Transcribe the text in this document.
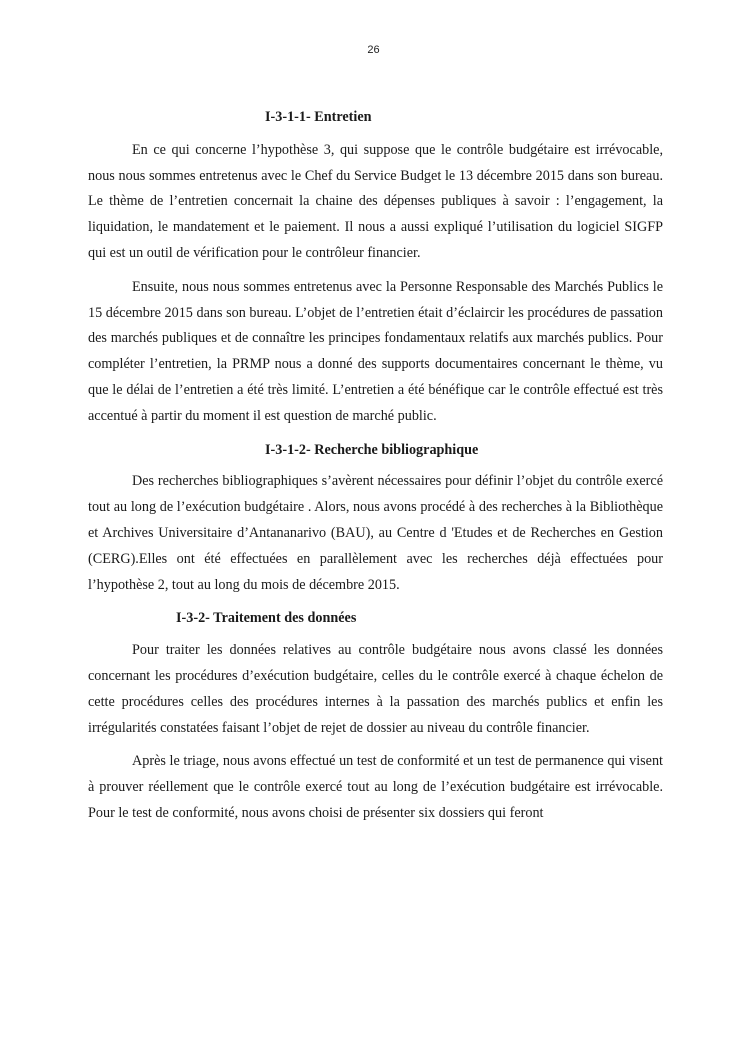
26
I-3-1-1- Entretien

En ce qui concerne l’hypothèse 3, qui suppose que le contrôle budgétaire est irrévocable, nous nous sommes entretenus avec le Chef du Service Budget le 13 décembre 2015 dans son bureau. Le thème de l’entretien concernait la chaine des dépenses publiques à savoir : l’engagement, la liquidation, le mandatement et le paiement. Il nous a aussi expliqué l’utilisation du logiciel SIGFP qui est un outil de vérification pour le contrôleur financier.

Ensuite, nous nous sommes entretenus avec la Personne Responsable des Marchés Publics le 15 décembre 2015 dans son bureau. L’objet de l’entretien était d’éclaircir les procédures de passation des marchés publiques et de connaître les principes fondamentaux relatifs aux marchés publics. Pour compléter l’entretien, la PRMP nous a donné des supports documentaires concernant le thème, vu que le délai de l’entretien a été très limité. L’entretien a été bénéfique car le contrôle effectué est très accentué à partir du moment il est question de marché public.

I-3-1-2- Recherche bibliographique

Des recherches bibliographiques s’avèrent nécessaires pour définir l’objet du contrôle exercé tout au long de l’exécution budgétaire . Alors, nous avons procédé à des recherches à la Bibliothèque et Archives Universitaire d’Antananarivo (BAU), au Centre d 'Etudes et de Recherches en Gestion (CERG).Elles ont été effectuées en parallèlement avec les recherches déjà effectuées pour l’hypothèse 2, tout au long du mois de décembre 2015.

I-3-2- Traitement des données

Pour traiter les données relatives au contrôle budgétaire nous avons classé les données concernant les procédures d’exécution budgétaire, celles du le contrôle exercé à chaque échelon de cette procédures celles des procédures internes à la passation des marchés publics et enfin les irrégularités constatées faisant l’objet de rejet de dossier au niveau du contrôle financier.

Après le triage, nous avons effectué un test de conformité et un test de permanence qui visent à prouver réellement que le contrôle exercé tout au long de l’exécution budgétaire est irrévocable. Pour le test de conformité, nous avons choisi de présenter six dossiers qui feront
